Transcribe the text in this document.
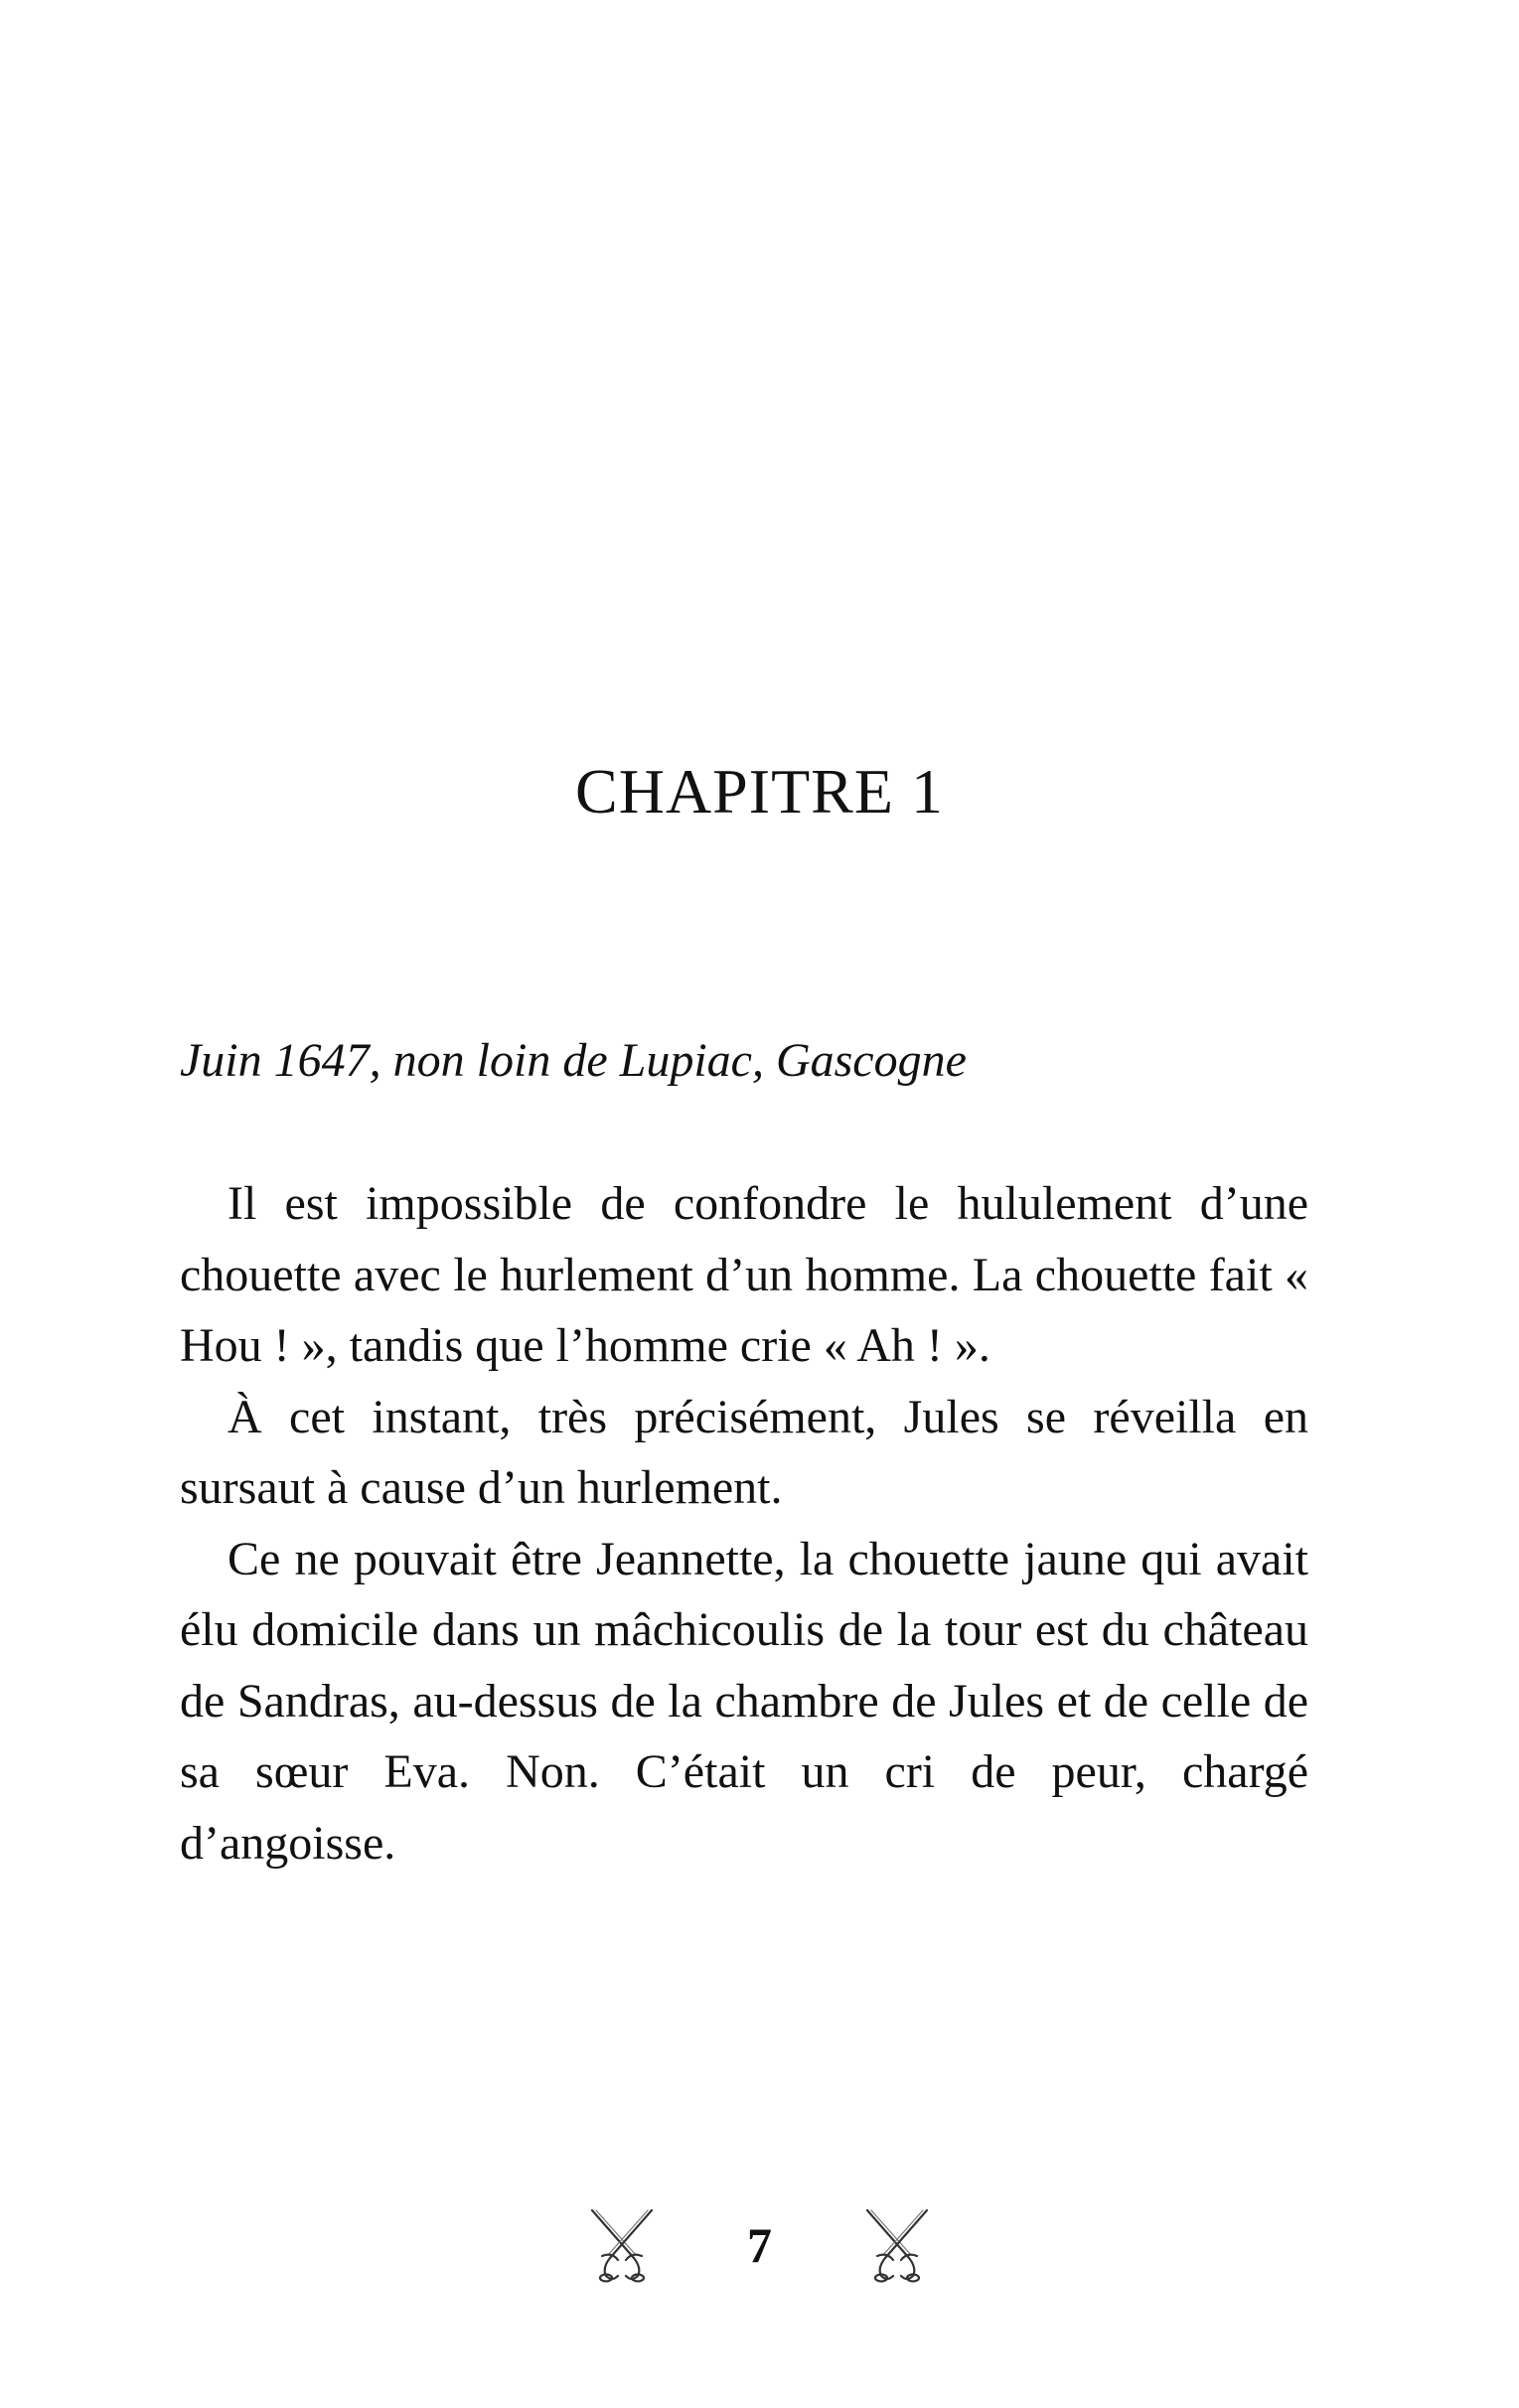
CHAPITRE 1

Juin 1647, non loin de Lupiac, Gascogne

Il est impossible de confondre le hululement d’une chouette avec le hurlement d’un homme. La chouette fait « Hou ! », tandis que l’homme crie « Ah ! ».

À cet instant, très précisément, Jules se réveilla en sursaut à cause d’un hurlement.

Ce ne pouvait être Jeannette, la chouette jaune qui avait élu domicile dans un mâchicoulis de la tour est du château de Sandras, au-dessus de la chambre de Jules et de celle de sa sœur Eva. Non. C’était un cri de peur, chargé d’angoisse.

7
